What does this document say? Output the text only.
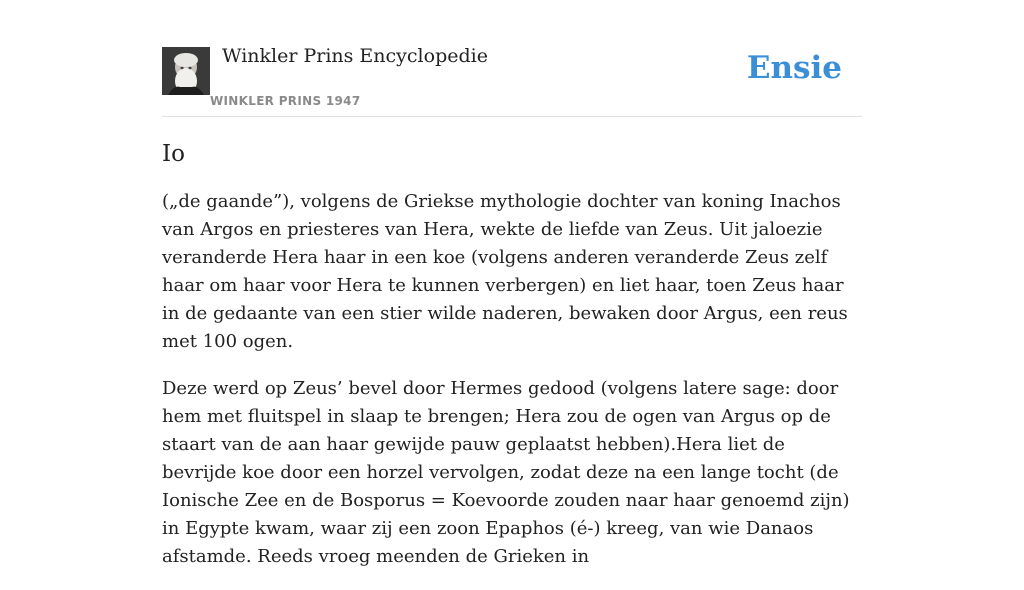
Winkler Prins Encyclopedie
WINKLER PRINS 1947
Ensie
Io

(„de gaande”), volgens de Griekse mythologie dochter van koning Inachos van Argos en priesteres van Hera, wekte de liefde van Zeus. Uit jaloezie veranderde Hera haar in een koe (volgens anderen veranderde Zeus zelf haar om haar voor Hera te kunnen verbergen) en liet haar, toen Zeus haar in de gedaante van een stier wilde naderen, bewaken door Argus, een reus met 100 ogen.

Deze werd op Zeus’ bevel door Hermes gedood (volgens latere sage: door hem met fluitspel in slaap te brengen; Hera zou de ogen van Argus op de staart van de aan haar gewijde pauw geplaatst hebben).Hera liet de bevrijde koe door een horzel vervolgen, zodat deze na een lange tocht (de Ionische Zee en de Bosporus = Koevoorde zouden naar haar genoemd zijn) in Egypte kwam, waar zij een zoon Epaphos (é-) kreeg, van wie Danaos afstamde. Reeds vroeg meenden de Grieken in
